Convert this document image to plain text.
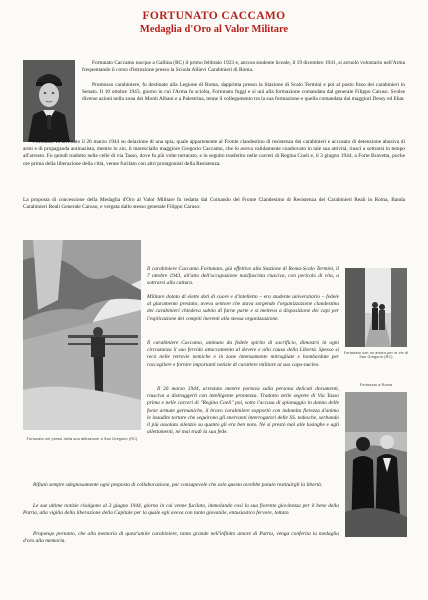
FORTUNATO CACCAMO
Medaglia d'Oro al Valor Militare

Fortunato Caccamo nacque a Gallina (RC) il primo febbraio 1923 e, ancora studente liceale, il 19 dicembre 1941, si arruolò volontario nell'Arma frequentando il corso d'istruzione presso la Scuola Allievi Carabinieri di Roma.

Promosso carabiniere, fu destinato alla Legione di Roma, dapprima presso la Stazione di Scalo Termini e poi al posto fisso dei carabinieri in Senato. Il 10 ottobre 1943, giorno in cui l'Arma fu sciolta, Fortunato fuggì e si unì alla formazione comandata dal generale Filippo Caruso. Svolse diverse azioni nella zona dei Monti Albani e a Palestrina, tenne il collegamento tra la sua formazione e quella comandata dai maggiori Dessy ed Ebat.

Fortunato fu arrestato il 26 marzo 1944 su delazione di una spia, quale appartenente al Fronte clandestino di resistenza dei carabinieri e accusato di detenzione abusiva di armi e di propaganda antinazista, mentre lo zio, il maresciallo maggiore Gregorio Caccamo, che lo aveva validamente coadiuvato in tale sua attività, riuscì a sottrarsi in tempo all'arresto. Fu quindi tradotto nelle celle di via Tasso, dove fu più volte torturato, e in seguito trasferito nelle carceri di Regina Coeli e, il 3 giugno 1944, a Forte Bravetta, poche ore prima della liberazione della città, venne fucilato con altri protagonisti della Resistenza.

La proposta di concessione della Medaglia d'Oro al Valor Militare fu redatta dal Comando del Fronte Clandestino di Resistenza dei Carabinieri Reali in Roma, Banda Carabinieri Reali Generale Caruso, e vergata dallo stesso generale Filippo Caruso:

Fortunato nei pressi della sua abitazione a San Gregorio (RC)
Fortunato con un amico per le vie di San Gregorio (RC)
Fortunato a Roma

Il carabiniere Caccamo Fortunato, già effettivo alla Stazione di Roma-Scalo Termini, il 7 ottobre 1943, all'atto dell'occupazione nazifascista riusciva, con pericolo di vita, a sottrarsi alla cattura.

Militare dotato di elette doti di cuore e d'intelletto – era studente universitario – fedele al giuramento prestato, aveva sentore che stava sorgendo l'organizzazione clandestina dei carabinieri chiedeva subito di farne parte e si metteva a disposizione dei capi per l'esplicazione dei compiti inerenti alla stessa organizzazione.

Il carabiniere Caccamo, animato da fedele spirito di sacrificio, dimostrò in ogni circostanza il suo fervido attaccamento al dovere e alla causa della Libertà. Spesso si recò nelle retrovie nemiche e in zone intensamente mitragliate e bombardate per raccogliere e fornire importanti notizie di carattere militare al suo capo-nucleo.

Il 26 marzo 1944, arrestato mentre portava sulla persona delicati documenti, riusciva a distruggerli con intelligente prontezza. Tradotto nelle segrete di Via Tasso prima e nelle carceri di "Regina Coeli" poi, sotto l'accusa di spionaggio in danno delle forze armate germaniche, il bravo carabiniere sopportò con indomita fierezza d'animo le inaudite torture che seguirono gli snervanti interrogatori delle SS. tedesche, serbando il più assoluto silenzio su quanto gli era ben noto. Né si prestò mai alle lusinghe e agli allettamenti, né mai tradì la sua fede.

Rifiutò sempre sdegnosamente ogni proposta di collaborazione, pur consapevole che solo questo avrebbe potuto restituirgli la libertà.

Le sue ultime notizie risalgono al 3 giugno 1944, giorno in cui venne fucilato, immolando così la sua fiorente giovinezza per il bene della Patria, alla vigilia della liberazione della Capitale per la quale egli aveva con tanto giovanile, entusiastico fervore, lottato.

Proponqo pertanto, che alla memoria di quest'umile carabiniere, tanto grande nell'infinito amore di Patria, venga conferita la medaglia d'oro alla memoria.
